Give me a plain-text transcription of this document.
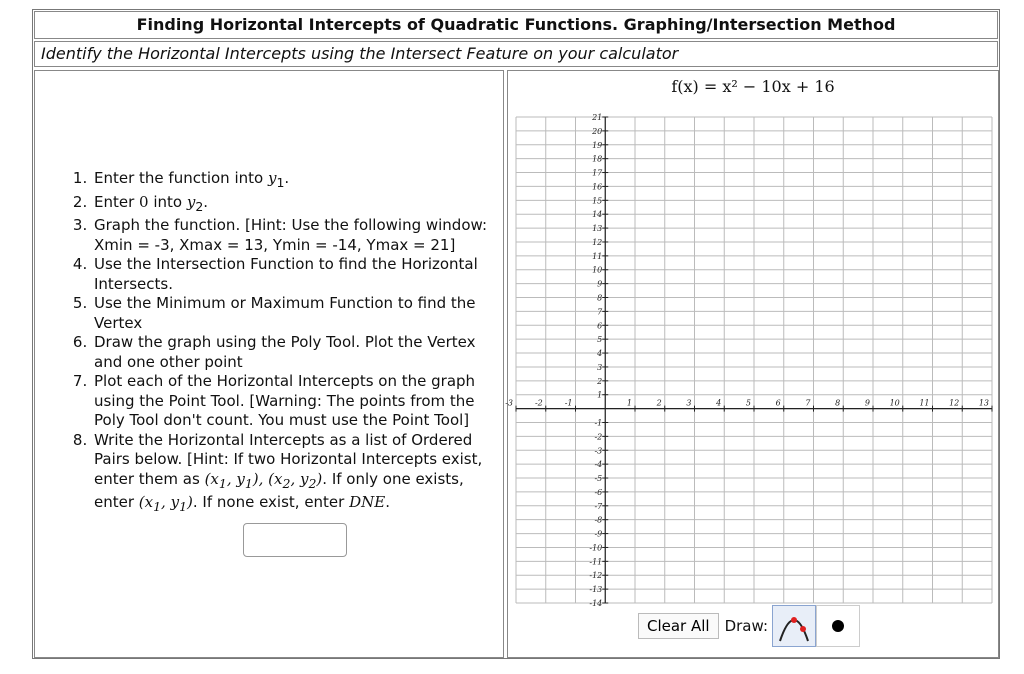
Finding Horizontal Intercepts of Quadratic Functions. Graphing/Intersection Method
Identify the Horizontal Intercepts using the Intersect Feature on your calculator
1. Enter the function into $y_1$.
2. Enter 0 into $y_2$.
3. Graph the function. [Hint: Use the following window: Xmin = -3, Xmax = 13, Ymin = -14, Ymax = 21]
4. Use the Intersection Function to find the Horizontal Intersects.
5. Use the Minimum or Maximum Function to find the Vertex
6. Draw the graph using the Poly Tool. Plot the Vertex and one other point
7. Plot each of the Horizontal Intercepts on the graph using the Point Tool. [Warning: The points from the Poly Tool don't count. You must use the Point Tool]
8. Write the Horizontal Intercepts as a list of Ordered Pairs below. [Hint: If two Horizontal Intercepts exist, enter them as ($x_1$, $y_1$), ($x_2$, $y_2$). If only one exists, enter ($x_1$, $y_1$). If none exist, enter DNE.
f(x) = x² − 10x + 16
-3	-2	-1	1	2	3	4	5	6	7	8	9 10 11 12 13
21
20
19
18
17
16
15
14
13
12
11
10
9
8
7
6
5
4
3
2
1
-1
-2
-3
-4
-5
-6
-7
-8
-9
-10
-11
-12
-13
-14
Clear All	Draw:
